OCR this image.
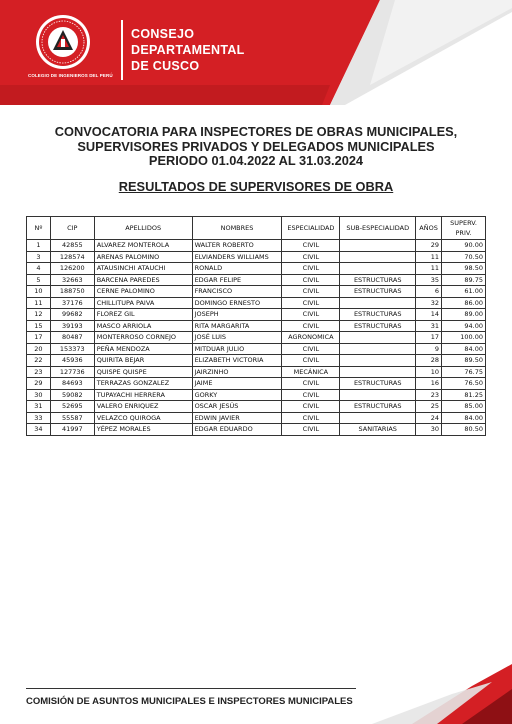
COLEGIO DE INGENIEROS DEL PERÚ
CONSEJO
DEPARTAMENTAL
DE CUSCO
CONVOCATORIA PARA INSPECTORES DE OBRAS MUNICIPALES,
SUPERVISORES PRIVADOS Y DELEGADOS MUNICIPALES
PERIODO 01.04.2022 AL 31.03.2024
RESULTADOS DE SUPERVISORES DE OBRA
Nº	CIP	APELLIDOS	NOMBRES	ESPECIALIDAD	SUB-ESPECIALIDAD	AÑOS	SUPERV. PRIV.
1	42855	ALVAREZ MONTEROLA	WALTER ROBERTO	CIVIL		29	90.00
3	128574	ARENAS PALOMINO	ELVIANDERS WILLIAMS	CIVIL		11	70.50
4	126200	ATAUSINCHI ATAUCHI	RONALD	CIVIL		11	98.50
5	32663	BARCENA PAREDES	EDGAR FELIPE	CIVIL	ESTRUCTURAS	35	89.75
10	188750	CERNE PALOMINO	FRANCISCO	CIVIL	ESTRUCTURAS	6	61.00
11	37176	CHILLITUPA PAIVA	DOMINGO ERNESTO	CIVIL		32	86.00
12	99682	FLOREZ GIL	JOSEPH	CIVIL	ESTRUCTURAS	14	89.00
15	39193	MASCO ARRIOLA	RITA MARGARITA	CIVIL	ESTRUCTURAS	31	94.00
17	80487	MONTERROSO CORNEJO	JOSÉ LUIS	AGRONOMICA		17	100.00
20	153373	PEÑA MENDOZA	MITDUAR JULIO	CIVIL		9	84.00
22	45936	QUIRITA BEJAR	ELIZABETH VICTORIA	CIVIL		28	89.50
23	127736	QUISPE QUISPE	JAIRZINHO	MECÁNICA		10	76.75
29	84693	TERRAZAS GONZALEZ	JAIME	CIVIL	ESTRUCTURAS	16	76.50
30	59082	TUPAYACHI HERRERA	GORKY	CIVIL		23	81.25
31	52695	VALERO ENRIQUEZ	OSCAR JESÚS	CIVIL	ESTRUCTURAS	25	85.00
33	55587	VELAZCO QUIROGA	EDWIN JAVIER	CIVIL		24	84.00
34	41997	YÉPEZ MORALES	EDGAR EDUARDO	CIVIL	SANITARIAS	30	80.50
COMISIÓN DE ASUNTOS MUNICIPALES E INSPECTORES MUNICIPALES
